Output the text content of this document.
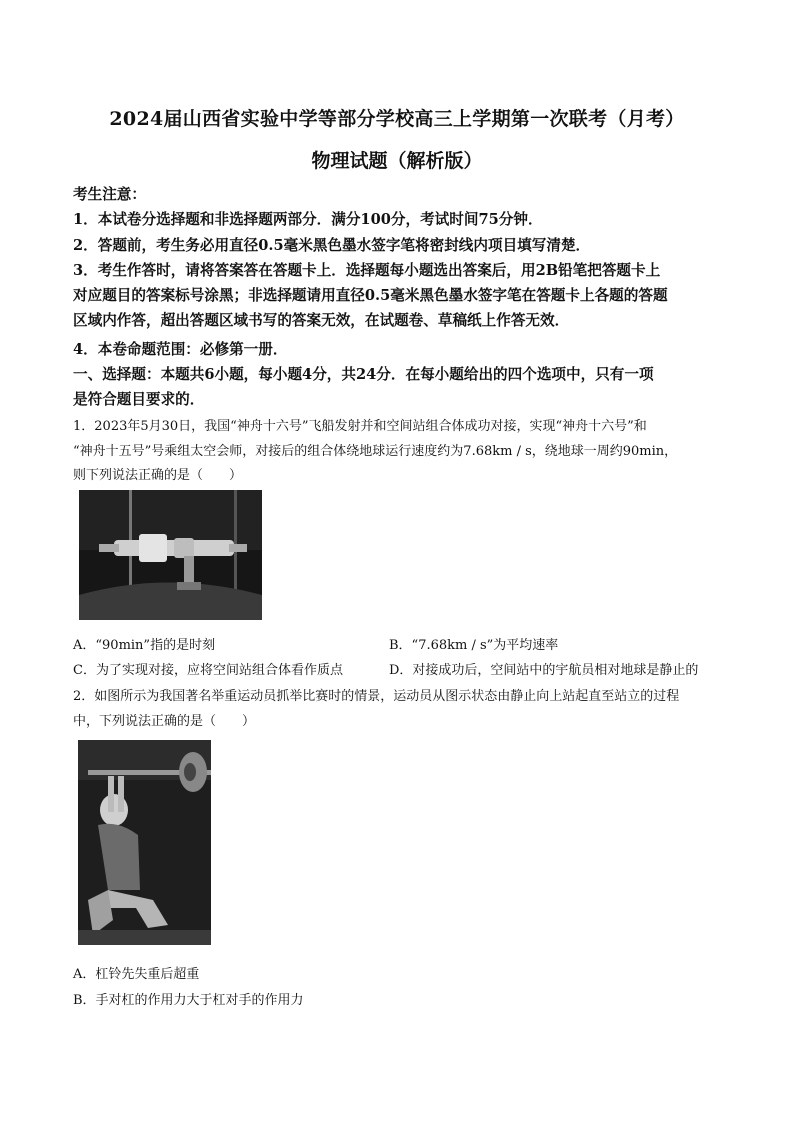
2024届山西省实验中学等部分学校高三上学期第一次联考（月考）
物理试题（解析版）
考生注意：
1．本试卷分选择题和非选择题两部分．满分100分，考试时间75分钟．
2．答题前，考生务必用直径0.5毫米黑色墨水签字笔将密封线内项目填写清楚．
3．考生作答时，请将答案答在答题卡上．选择题每小题选出答案后，用2B铅笔把答题卡上
对应题目的答案标号涂黑；非选择题请用直径0.5毫米黑色墨水签字笔在答题卡上各题的答题
区域内作答，超出答题区域书写的答案无效，在试题卷、草稿纸上作答无效．
4．本卷命题范围：必修第一册．
一、选择题：本题共6小题，每小题4分，共24分．在每小题给出的四个选项中，只有一项
是符合题目要求的．
1．2023年5月30日，我国“神舟十六号”飞船发射并和空间站组合体成功对接，实现“神舟十六号”和
“神舟十五号”号乘组太空会师，对接后的组合体绕地球运行速度约为7.68km / s，绕地球一周约90min，
则下列说法正确的是（　　）
A．“90min”指的是时刻	B．“7.68km / s”为平均速率
C．为了实现对接，应将空间站组合体看作质点	D．对接成功后，空间站中的宇航员相对地球是静止的
2．如图所示为我国著名举重运动员抓举比赛时的情景，运动员从图示状态由静止向上站起直至站立的过程
中，下列说法正确的是（　　）
A．杠铃先失重后超重
B．手对杠的作用力大于杠对手的作用力
